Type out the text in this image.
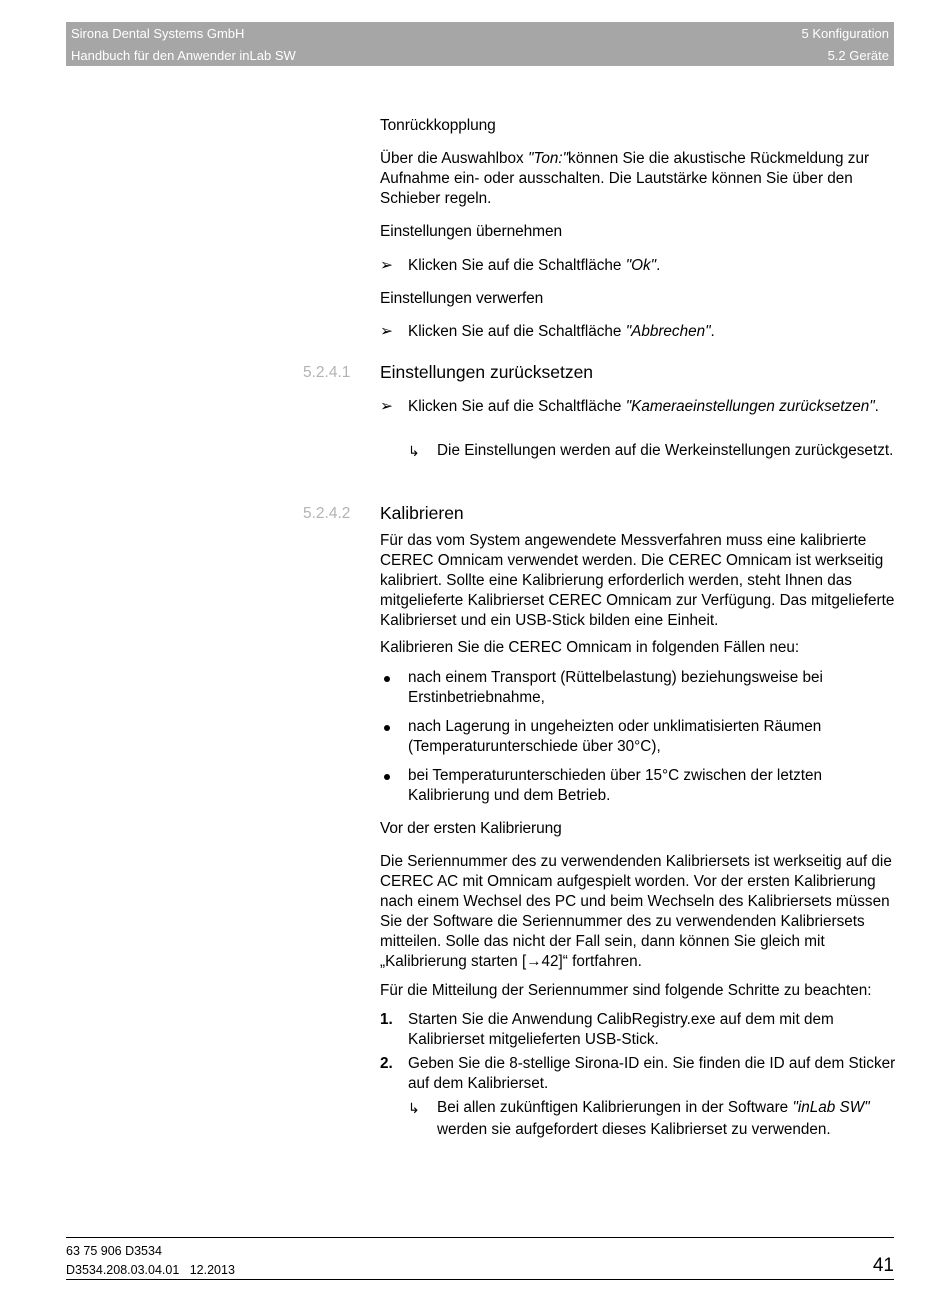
Sirona Dental Systems GmbH
Handbuch für den Anwender inLab SW
5 Konfiguration
5.2 Geräte
Tonrückkopplung
Über die Auswahlbox "Ton:"können Sie die akustische Rückmeldung zur Aufnahme ein- oder ausschalten. Die Lautstärke können Sie über den Schieber regeln.
Einstellungen übernehmen
➢ Klicken Sie auf die Schaltfläche "Ok".
Einstellungen verwerfen
➢ Klicken Sie auf die Schaltfläche "Abbrechen".
5.2.4.1 Einstellungen zurücksetzen
➢ Klicken Sie auf die Schaltfläche "Kameraeinstellungen zurücksetzen".
↳ Die Einstellungen werden auf die Werkeinstellungen zurückgesetzt.
5.2.4.2 Kalibrieren
Für das vom System angewendete Messverfahren muss eine kalibrierte CEREC Omnicam verwendet werden. Die CEREC Omnicam ist werkseitig kalibriert. Sollte eine Kalibrierung erforderlich werden, steht Ihnen das mitgelieferte Kalibrierset CEREC Omnicam zur Verfügung. Das mitgelieferte Kalibrierset und ein USB-Stick bilden eine Einheit.
Kalibrieren Sie die CEREC Omnicam in folgenden Fällen neu:
nach einem Transport (Rüttelbelastung) beziehungsweise bei Erstinbetriebnahme,
nach Lagerung in ungeheizten oder unklimatisierten Räumen (Temperaturunterschiede über 30°C),
bei Temperaturunterschieden über 15°C zwischen der letzten Kalibrierung und dem Betrieb.
Vor der ersten Kalibrierung
Die Seriennummer des zu verwendenden Kalibriersets ist werkseitig auf die CEREC AC mit Omnicam aufgespielt worden. Vor der ersten Kalibrierung nach einem Wechsel des PC und beim Wechseln des Kalibriersets müssen Sie der Software die Seriennummer des zu verwendenden Kalibriersets mitteilen. Solle das nicht der Fall sein, dann können Sie gleich mit „Kalibrierung starten [→42]“ fortfahren.
Für die Mitteilung der Seriennummer sind folgende Schritte zu beachten:
1. Starten Sie die Anwendung CalibRegistry.exe auf dem mit dem Kalibrierset mitgelieferten USB-Stick.
2. Geben Sie die 8-stellige Sirona-ID ein. Sie finden die ID auf dem Sticker auf dem Kalibrierset.
↳ Bei allen zukünftigen Kalibrierungen in der Software "inLab SW" werden sie aufgefordert dieses Kalibrierset zu verwenden.
63 75 906 D3534
D3534.208.03.04.01 12.2013	41
